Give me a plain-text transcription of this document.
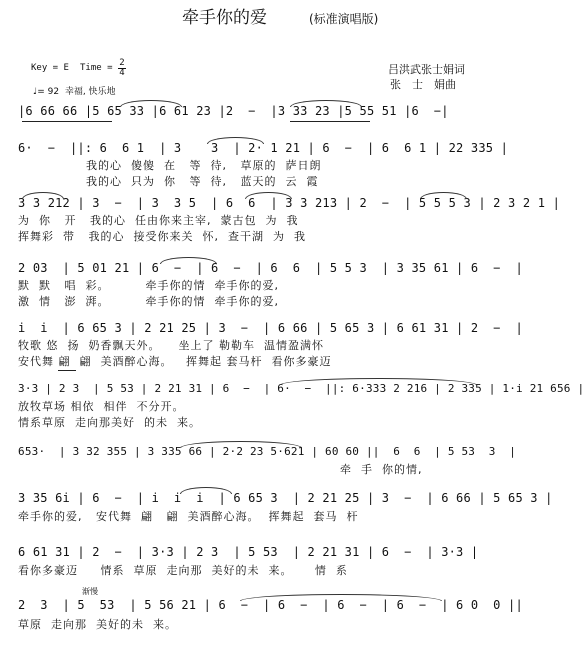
牵手你的爱	(标准演唱版)
吕洪武张士娟词
张　士　娟曲
Key = E Time = 2
4
♩= 92  幸福, 快乐地
|6 66 66 |5 65 33 |6 61 23 |2  −  |3 33 23 |5 55 51 |6  −|
6·  −  ||: 6  6 1  | 3    3  | 2· 1 21 | 6  −  | 6  6 1 | 22 335 |
我的心  傻傻  在   等  待,   草原的  萨日朗
我的心  只为  你   等  待,   蓝天的  云  霞
3 3 212 | 3  −  | 3  3 5  | 6  6  | 3 3 213 | 2  −  | 5 5 5 3 | 2 3 2 1 |
为  你   开   我的心  任由你来主宰,  蒙古包  为  我
挥舞彩  带   我的心  接受你来关  怀,  查干湖  为  我
2 03  | 5 01 21 | 6  −  | 6  −  | 6  6  | 5 5 3  | 3 35 61 | 6  −  |
默  默   唱  彩。        牵手你的情  牵手你的爱,
激  情   澎  湃。        牵手你的情  牵手你的爱,
i  i  | 6 65 3 | 2 21 25 | 3  −  | 6 66 | 5 65 3 | 6 61 31 | 2  −  |
牧歌 悠  扬  奶香飘天外。    坐上了 勒勒车  温情盈满怀
安代舞 翩  翩  美酒醉心海。   挥舞起 套马杆  看你多豪迈
3·3 | 2 3  | 5 53 | 2 21 31 | 6  −  | 6·  −  ||: 6·333 2 216 | 2 335 | 1·i 21 656 |
放牧草场 相依  相伴  不分开。
情系草原  走向那美好  的未  来。
653·  | 3 32 355 | 3 335 66 | 2·2 23 5·621 | 60 60 ||  6  6  | 5 53  3  |
牵  手  你的情,
3 35 6i | 6  −  | i  i  i  | 6 65 3  | 2 21 25 | 3  −  | 6 66 | 5 65 3 |
牵手你的爱,   安代舞  翩   翩  美酒醉心海。  挥舞起  套马  杆
6 61 31 | 2  −  | 3·3 | 2 3  | 5 53  | 2 21 31 | 6  −  | 3·3 |
看你多豪迈     情系  草原  走向那  美好的未  来。     情  系
渐慢
2  3  | 5  53  | 5 56 21 | 6  −  | 6  −  | 6  −  | 6  −  | 6 0  0 ||
草原  走向那  美好的未  来。
